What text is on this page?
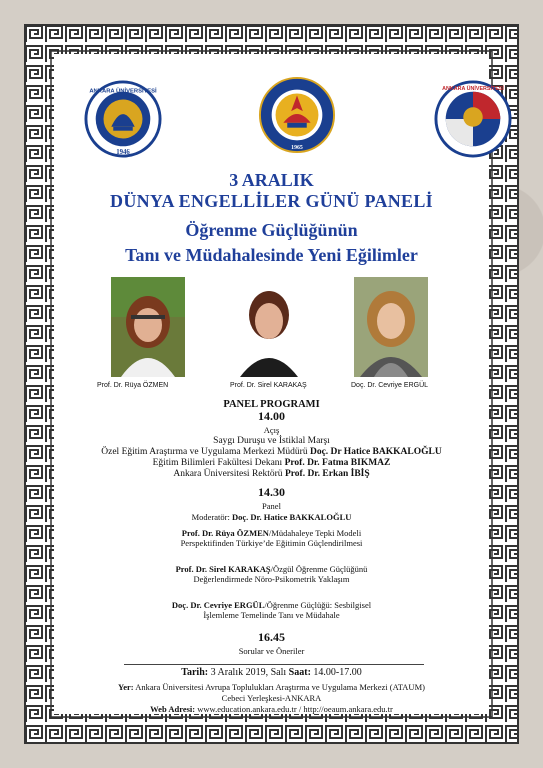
ANKARA ÜNİVERSİTESİ
1946
1965
ANKARA ÜNİVERSİTESİ
3 ARALIK
DÜNYA ENGELLİLER GÜNÜ PANELİ
Öğrenme Güçlüğünün
Tanı ve Müdahalesinde Yeni Eğilimler
Prof. Dr. Rüya ÖZMEN	Prof. Dr. Sirel KARAKAŞ	Doç. Dr. Cevriye ERGÜL
PANEL PROGRAMI
14.00
Açış
Saygı Duruşu ve İstiklal Marşı
Özel Eğitim Araştırma ve Uygulama Merkezi Müdürü Doç. Dr Hatice BAKKALOĞLU
Eğitim Bilimleri Fakültesi Dekanı Prof. Dr. Fatma BIKMAZ
Ankara Üniversitesi Rektörü Prof. Dr. Erkan İBİŞ
14.30
Panel
Moderatör: Doç. Dr. Hatice BAKKALOĞLU
Prof. Dr. Rüya ÖZMEN/Müdahaleye Tepki Modeli Perspektifinden Türkiye’de Eğitimin Güçlendirilmesi
Prof. Dr. Sirel KARAKAŞ/Özgül Öğrenme Güçlüğünü Değerlendirmede Nöro-Psikometrik Yaklaşım
Doç. Dr. Cevriye ERGÜL/Öğrenme Güçlüğü: Sesbilgisel İşlemleme Temelinde Tanı ve Müdahale
16.45
Sorular ve Öneriler
Tarih: 3 Aralık 2019, Salı Saat: 14.00-17.00
Yer: Ankara Üniversitesi Avrupa Toplulukları Araştırma ve Uygulama Merkezi (ATAUM)
Cebeci Yerleşkesi-ANKARA
Web Adresi: www.education.ankara.edu.tr / http://oeaum.ankara.edu.tr
